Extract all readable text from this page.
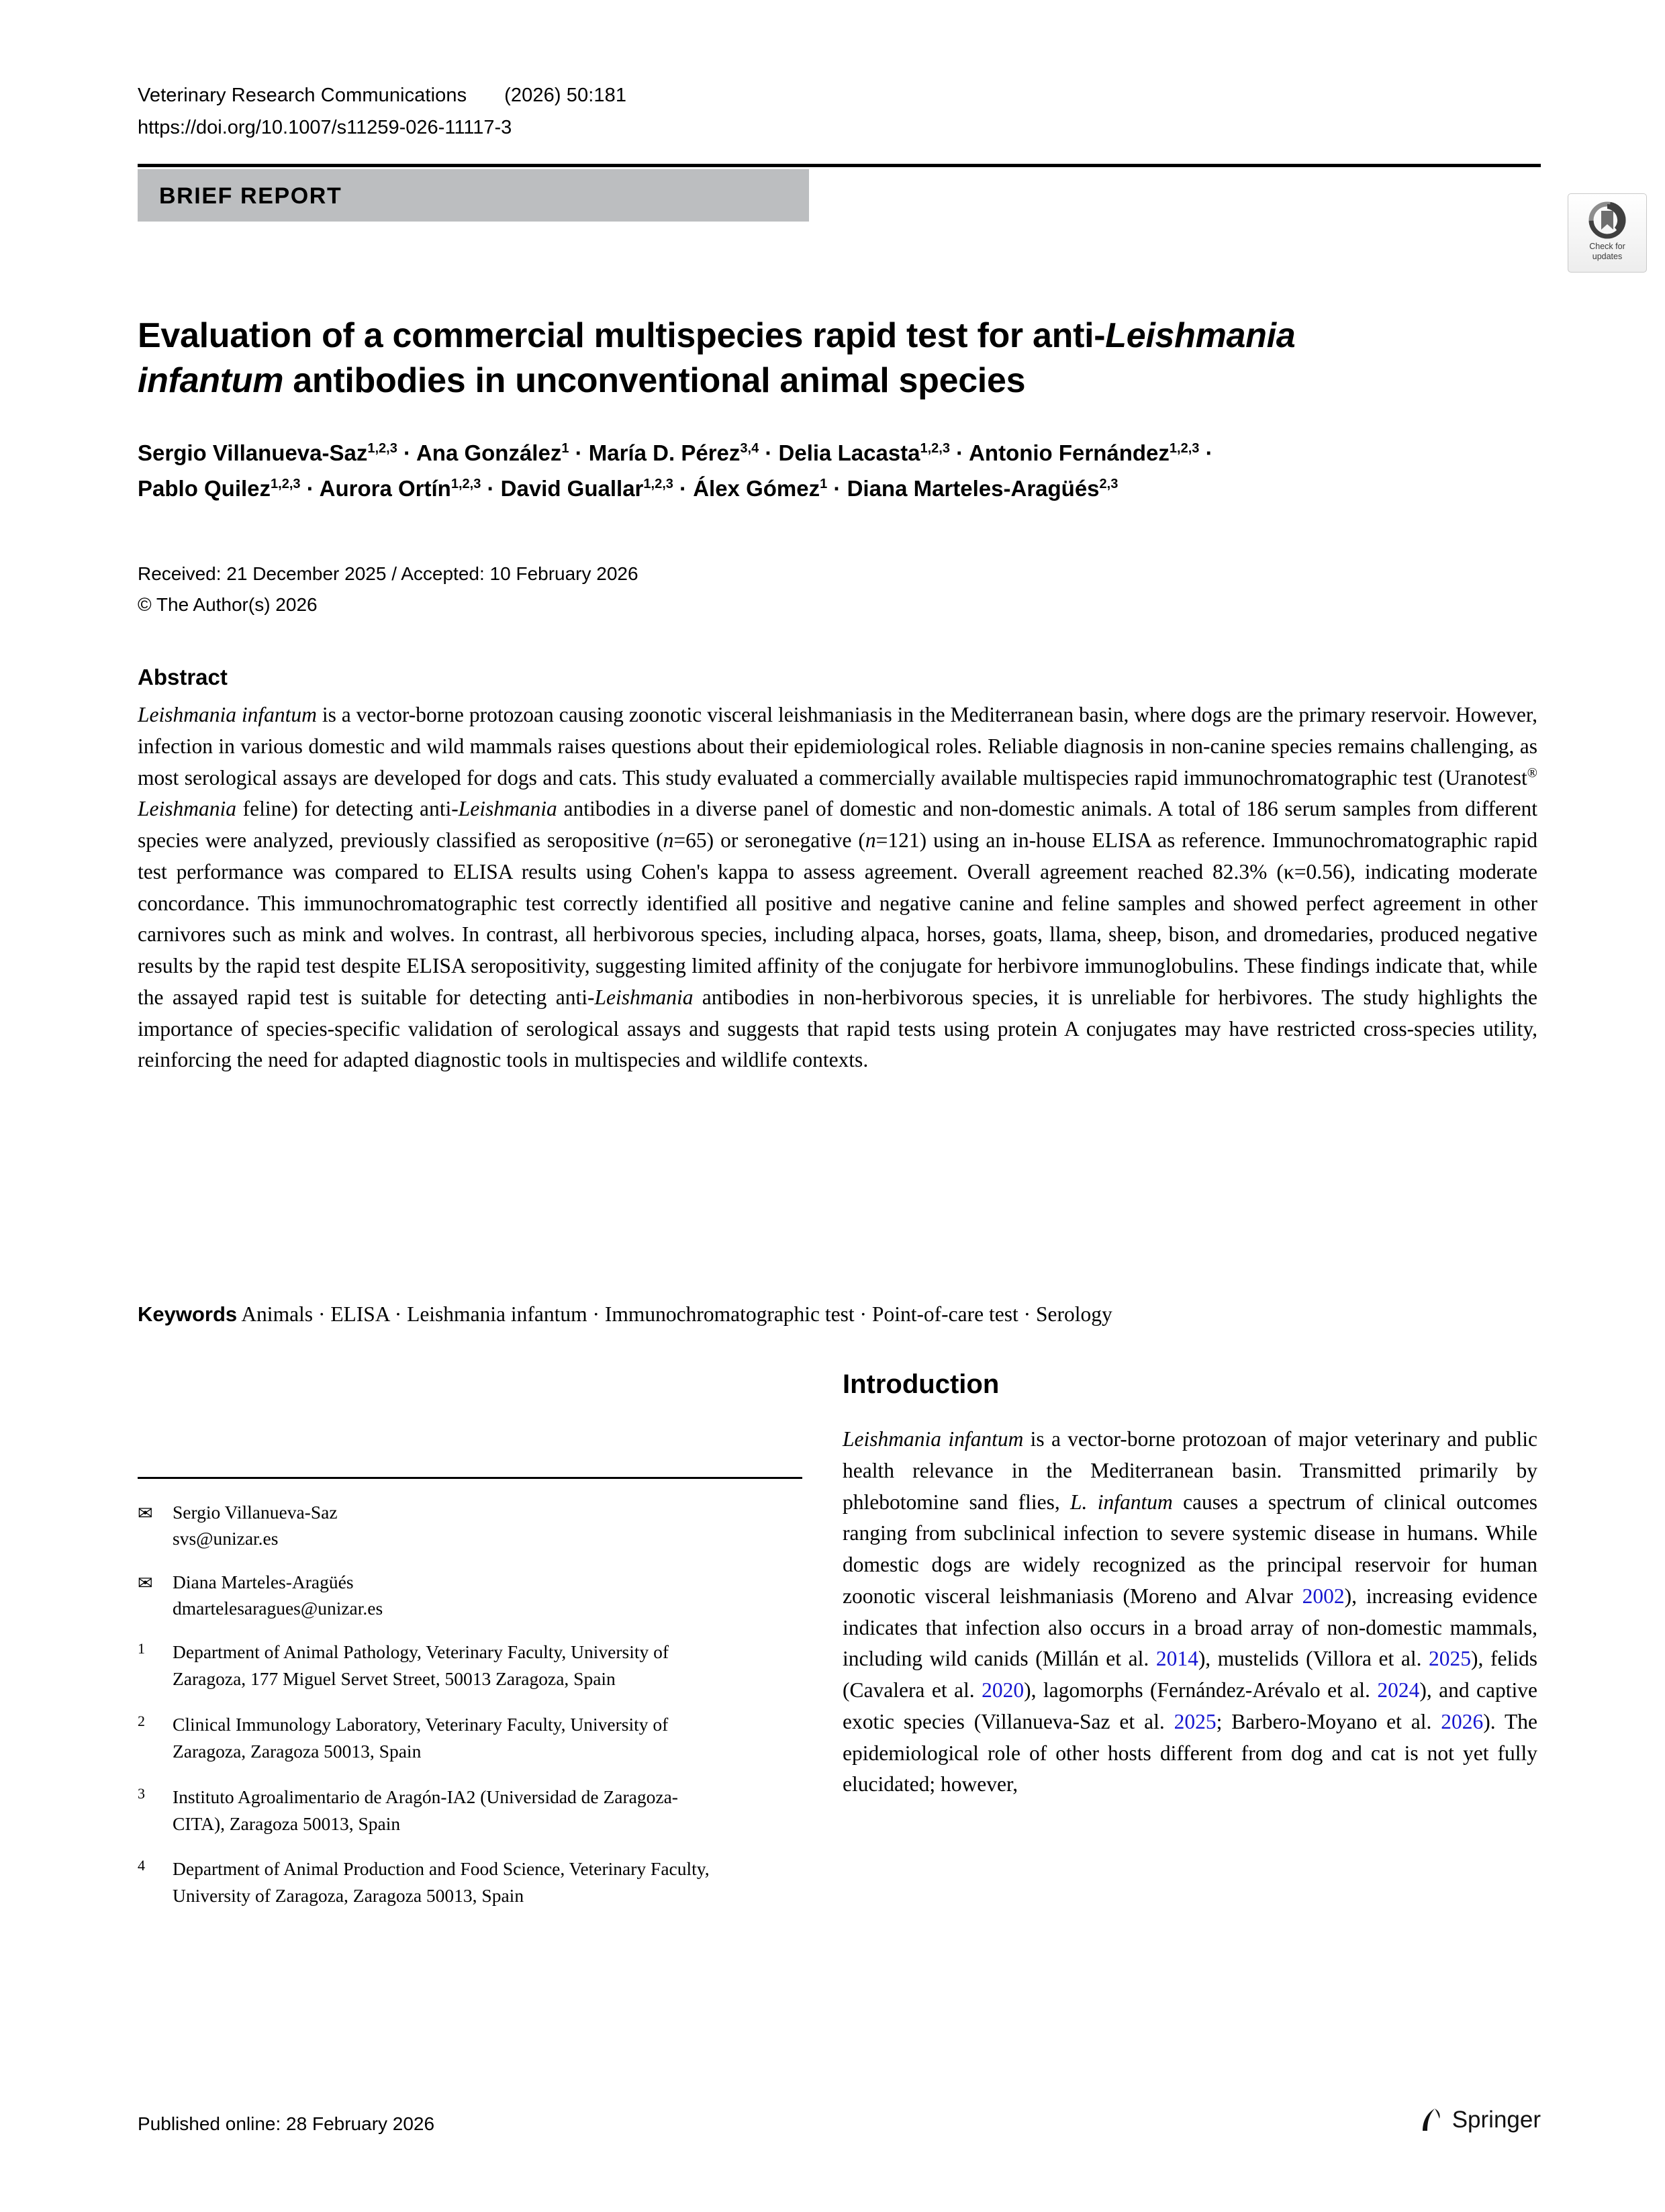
Veterinary Research Communications (2026) 50:181
https://doi.org/10.1007/s11259-026-11117-3
BRIEF REPORT
Check for
updates
Evaluation of a commercial multispecies rapid test for anti-Leishmania infantum antibodies in unconventional animal species
Sergio Villanueva-Saz$^{1,2,3}$ · Ana González$^1$ · María D. Pérez$^{3,4}$ · Delia Lacasta$^{1,2,3}$ · Antonio Fernández$^{1,2,3}$ ·
Pablo Quilez$^{1,2,3}$ · Aurora Ortín$^{1,2,3}$ · David Guallar$^{1,2,3}$ · Álex Gómez$^1$ · Diana Marteles-Aragüés$^{2,3}$
Received: 21 December 2025 / Accepted: 10 February 2026
© The Author(s) 2026
Abstract
Leishmania infantum is a vector-borne protozoan causing zoonotic visceral leishmaniasis in the Mediterranean basin, where dogs are the primary reservoir. However, infection in various domestic and wild mammals raises questions about their epidemiological roles. Reliable diagnosis in non-canine species remains challenging, as most serological assays are developed for dogs and cats. This study evaluated a commercially available multispecies rapid immunochromatographic test (Uranotest® Leishmania feline) for detecting anti-Leishmania antibodies in a diverse panel of domestic and non-domestic animals. A total of 186 serum samples from different species were analyzed, previously classified as seropositive (n=65) or seronegative (n=121) using an in-house ELISA as reference. Immunochromatographic rapid test performance was compared to ELISA results using Cohen's kappa to assess agreement. Overall agreement reached 82.3% (κ=0.56), indicating moderate concordance. This immunochromatographic test correctly identified all positive and negative canine and feline samples and showed perfect agreement in other carnivores such as mink and wolves. In contrast, all herbivorous species, including alpaca, horses, goats, llama, sheep, bison, and dromedaries, produced negative results by the rapid test despite ELISA seropositivity, suggesting limited affinity of the conjugate for herbivore immunoglobulins. These findings indicate that, while the assayed rapid test is suitable for detecting anti-Leishmania antibodies in non-herbivorous species, it is unreliable for herbivores. The study highlights the importance of species-specific validation of serological assays and suggests that rapid tests using protein A conjugates may have restricted cross-species utility, reinforcing the need for adapted diagnostic tools in multispecies and wildlife contexts.
Keywords Animals · ELISA · Leishmania infantum · Immunochromatographic test · Point-of-care test · Serology
✉	Sergio Villanueva-Saz
svs@unizar.es
✉	Diana Marteles-Aragüés
dmartelesaragues@unizar.es
1	Department of Animal Pathology, Veterinary Faculty, University of Zaragoza, 177 Miguel Servet Street, 50013 Zaragoza, Spain
2	Clinical Immunology Laboratory, Veterinary Faculty, University of Zaragoza, Zaragoza 50013, Spain
3	Instituto Agroalimentario de Aragón-IA2 (Universidad de Zaragoza-CITA), Zaragoza 50013, Spain
4	Department of Animal Production and Food Science, Veterinary Faculty, University of Zaragoza, Zaragoza 50013, Spain
Introduction

Leishmania infantum is a vector-borne protozoan of major veterinary and public health relevance in the Mediterranean basin. Transmitted primarily by phlebotomine sand flies, L. infantum causes a spectrum of clinical outcomes ranging from subclinical infection to severe systemic disease in humans. While domestic dogs are widely recognized as the principal reservoir for human zoonotic visceral leishmaniasis (Moreno and Alvar 2002), increasing evidence indicates that infection also occurs in a broad array of non-domestic mammals, including wild canids (Millán et al. 2014), mustelids (Villora et al. 2025), felids (Cavalera et al. 2020), lagomorphs (Fernández-Arévalo et al. 2024), and captive exotic species (Villanueva-Saz et al. 2025; Barbero-Moyano et al. 2026). The epidemiological role of other hosts different from dog and cat is not yet fully elucidated; however,

Published online: 28 February 2026	Springer
